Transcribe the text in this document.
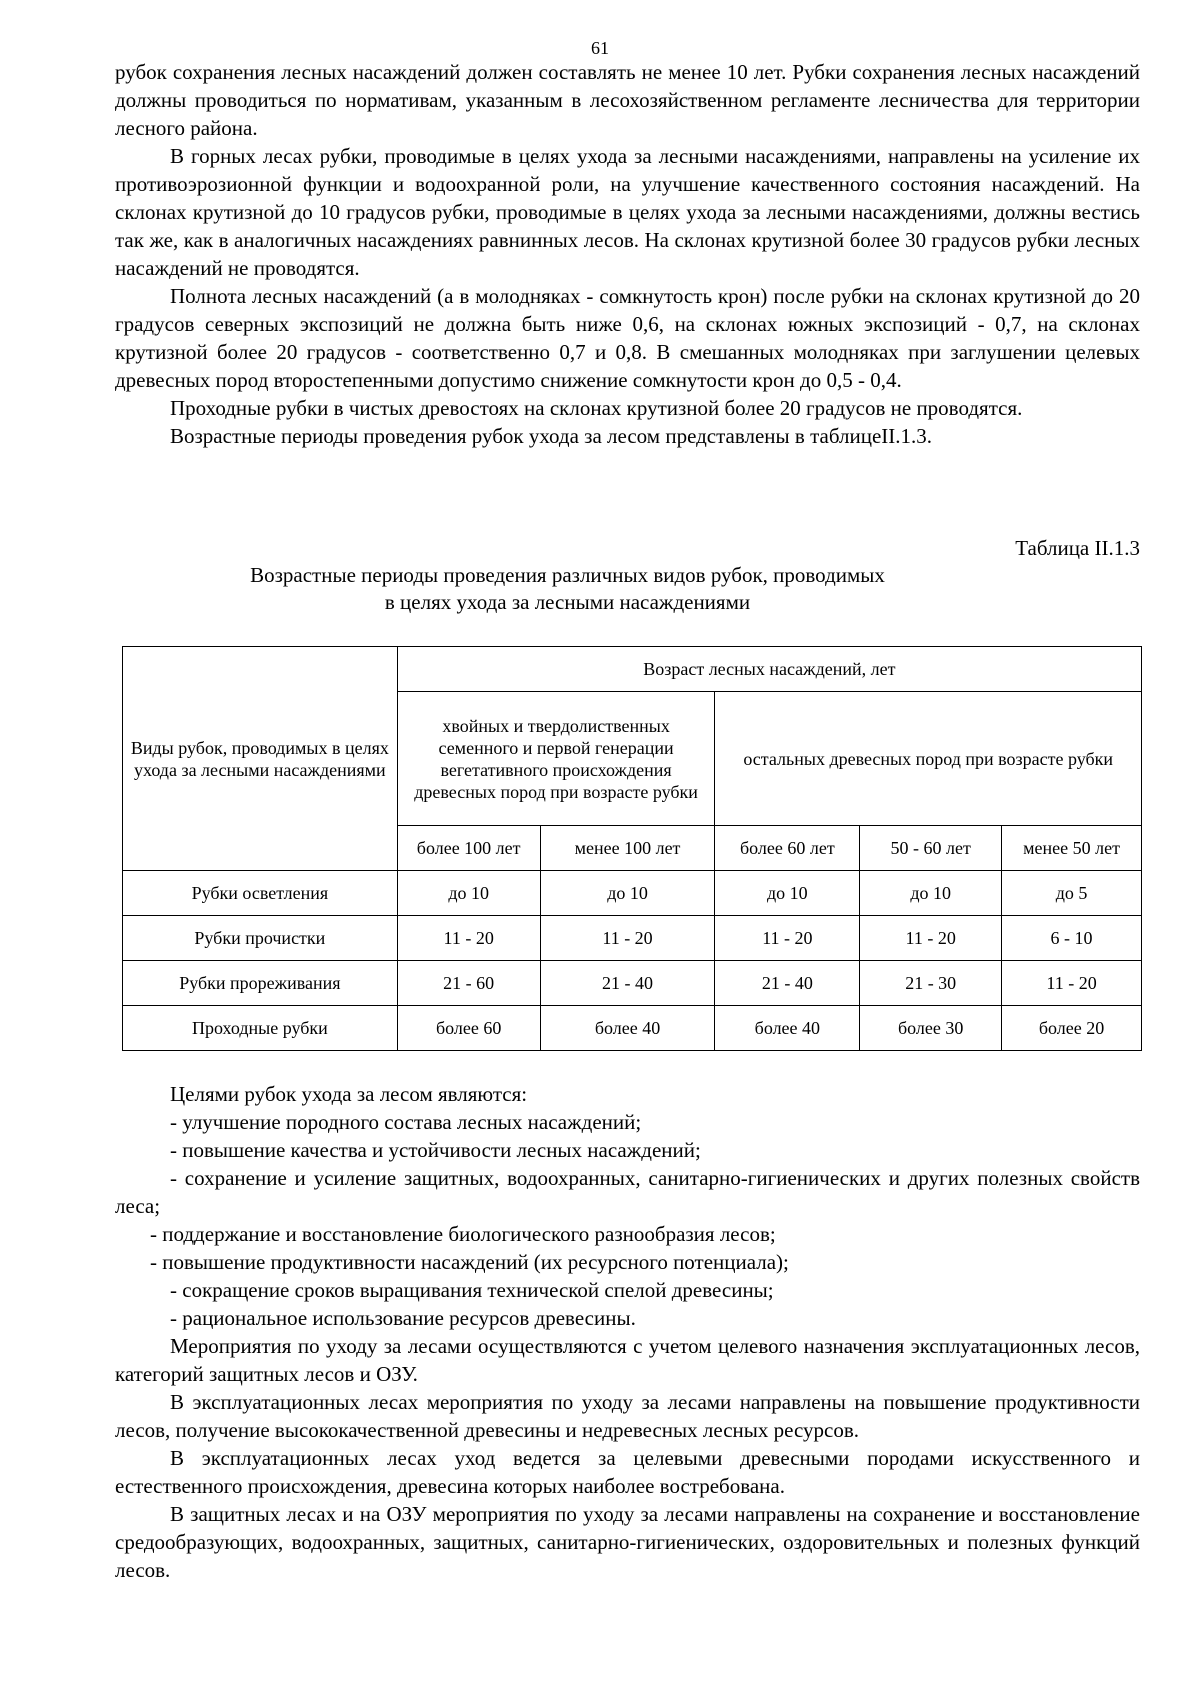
61

рубок сохранения лесных насаждений должен составлять не менее 10 лет. Рубки сохранения лесных насаждений должны проводиться по нормативам, указанным в лесохозяйственном регламенте лесничества для территории лесного района.

В горных лесах рубки, проводимые в целях ухода за лесными насаждениями, направлены на усиление их противоэрозионной функции и водоохранной роли, на улучшение качественного состояния насаждений. На склонах крутизной до 10 градусов рубки, проводимые в целях ухода за лесными насаждениями, должны вестись так же, как в аналогичных насаждениях равнинных лесов. На склонах крутизной более 30 градусов рубки лесных насаждений не проводятся.

Полнота лесных насаждений (а в молодняках - сомкнутость крон) после рубки на склонах крутизной до 20 градусов северных экспозиций не должна быть ниже 0,6, на склонах южных экспозиций - 0,7, на склонах крутизной более 20 градусов - соответственно 0,7 и 0,8. В смешанных молодняках при заглушении целевых древесных пород второстепенными допустимо снижение сомкнутости крон до 0,5 - 0,4.

Проходные рубки в чистых древостоях на склонах крутизной более 20 градусов не проводятся.

Возрастные периоды проведения рубок ухода за лесом представлены в таблицеII.1.3.

Таблица II.1.3
Возрастные периоды проведения различных видов рубок, проводимых
в целях ухода за лесными насаждениями
Виды рубок, проводимых в целях ухода за лесными насаждениями	Возраст лесных насаждений, лет				
	хвойных и твердолиственных семенного и первой генерации вегетативного происхождения древесных пород при возрасте рубки		остальных древесных пород при возрасте рубки		
	более 100 лет	менее 100 лет	более 60 лет	50 - 60 лет	менее 50 лет
Рубки осветления	до 10	до 10	до 10	до 10	до 5
Рубки прочистки	11 - 20	11 - 20	11 - 20	11 - 20	6 - 10
Рубки прореживания	21 - 60	21 - 40	21 - 40	21 - 30	11 - 20
Проходные рубки	более 60	более 40	более 40	более 30	более 20

Целями рубок ухода за лесом являются:

- улучшение породного состава лесных насаждений;

- повышение качества и устойчивости лесных насаждений;

- сохранение и усиление защитных, водоохранных, санитарно-гигиенических и других полезных свойств леса;

- поддержание и восстановление биологического разнообразия лесов;

- повышение продуктивности насаждений (их ресурсного потенциала);

- сокращение сроков выращивания технической спелой древесины;

- рациональное использование ресурсов древесины.

Мероприятия по уходу за лесами осуществляются с учетом целевого назначения эксплуатационных лесов, категорий защитных лесов и ОЗУ.

В эксплуатационных лесах мероприятия по уходу за лесами направлены на повышение продуктивности лесов, получение высококачественной древесины и недревесных лесных ресурсов.

В эксплуатационных лесах уход ведется за целевыми древесными породами искусственного и естественного происхождения, древесина которых наиболее востребована.

В защитных лесах и на ОЗУ мероприятия по уходу за лесами направлены на сохранение и восстановление средообразующих, водоохранных, защитных, санитарно-гигиенических, оздоровительных и полезных функций лесов.
